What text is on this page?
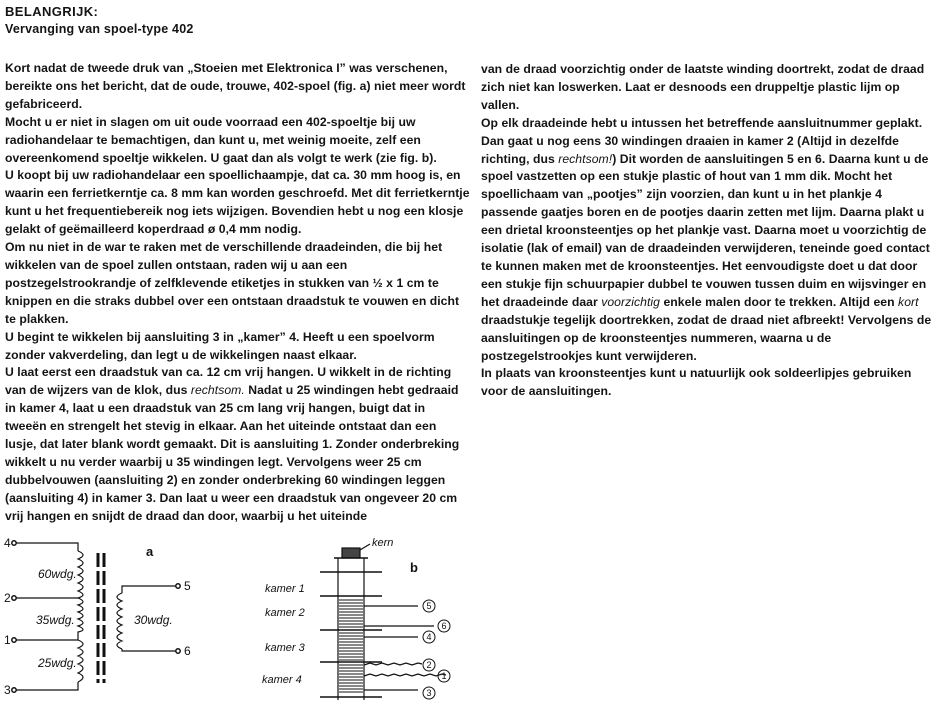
BELANGRIJK:
Vervanging van spoel-type 402

Kort nadat de tweede druk van „Stoeien met Elektronica I” was verschenen, bereikte ons het bericht, dat de oude, trouwe, 402-spoel (fig. a) niet meer wordt gefabriceerd.

Mocht u er niet in slagen om uit oude voorraad een 402-spoeltje bij uw radiohandelaar te bemachtigen, dan kunt u, met weinig moeite, zelf een overeenkomend spoeltje wikkelen. U gaat dan als volgt te werk (zie fig. b).

U koopt bij uw radiohandelaar een spoellichaampje, dat ca. 30 mm hoog is, en waarin een ferrietkerntje ca. 8 mm kan worden geschroefd. Met dit ferrietkerntje kunt u het frequentiebereik nog iets wijzigen. Bovendien hebt u nog een klosje gelakt of geëmailleerd koperdraad ø 0,4 mm nodig.

Om nu niet in de war te raken met de verschillende draadeinden, die bij het wikkelen van de spoel zullen ontstaan, raden wij u aan een postzegelstrookrandje of zelfklevende etiketjes in stukken van ½ x 1 cm te knippen en die straks dubbel over een ontstaan draadstuk te vouwen en dicht te plakken.

U begint te wikkelen bij aansluiting 3 in „kamer” 4. Heeft u een spoelvorm zonder vakverdeling, dan legt u de wikkelingen naast elkaar.

U laat eerst een draadstuk van ca. 12 cm vrij hangen. U wikkelt in de richting van de wijzers van de klok, dus rechtsom. Nadat u 25 windingen hebt gedraaid in kamer 4, laat u een draadstuk van 25 cm lang vrij hangen, buigt dat in tweeën en strengelt het stevig in elkaar. Aan het uiteinde ontstaat dan een lusje, dat later blank wordt gemaakt. Dit is aansluiting 1. Zonder onderbreking wikkelt u nu verder waarbij u 35 windingen legt. Vervolgens weer 25 cm dubbelvouwen (aansluiting 2) en zonder onderbreking 60 windingen leggen (aansluiting 4) in kamer 3. Dan laat u weer een draadstuk van ongeveer 20 cm vrij hangen en snijdt de draad dan door, waarbij u het uiteinde

van de draad voorzichtig onder de laatste winding doortrekt, zodat de draad zich niet kan loswerken. Laat er desnoods een druppeltje plastic lijm op vallen.

Op elk draadeinde hebt u intussen het betreffende aansluitnummer geplakt.

Dan gaat u nog eens 30 windingen draaien in kamer 2 (Altijd in dezelfde richting, dus rechtsom!) Dit worden de aansluitingen 5 en 6. Daarna kunt u de spoel vastzetten op een stukje plastic of hout van 1 mm dik. Mocht het spoellichaam van „pootjes” zijn voorzien, dan kunt u in het plankje 4 passende gaatjes boren en de pootjes daarin zetten met lijm. Daarna plakt u een drietal kroonsteentjes op het plankje vast. Daarna moet u voorzichtig de isolatie (lak of email) van de draadeinden verwijderen, teneinde goed contact te kunnen maken met de kroonsteentjes. Het eenvoudigste doet u dat door een stukje fijn schuurpapier dubbel te vouwen tussen duim en wijsvinger en het draadeinde daar voorzichtig enkele malen door te trekken. Altijd een kort draadstukje tegelijk doortrekken, zodat de draad niet afbreekt! Vervolgens de aansluitingen op de kroonsteentjes nummeren, waarna u de postzegelstrookjes kunt verwijderen.

In plaats van kroonsteentjes kunt u natuurlijk ook soldeerlipjes gebruiken voor de aansluitingen.

a
60wdg.
35wdg.
25wdg.
30wdg.
4
2
1
3
5
6
b
kern
kamer 1
kamer 2
kamer 3
kamer 4
5
6
4
2
1
3
